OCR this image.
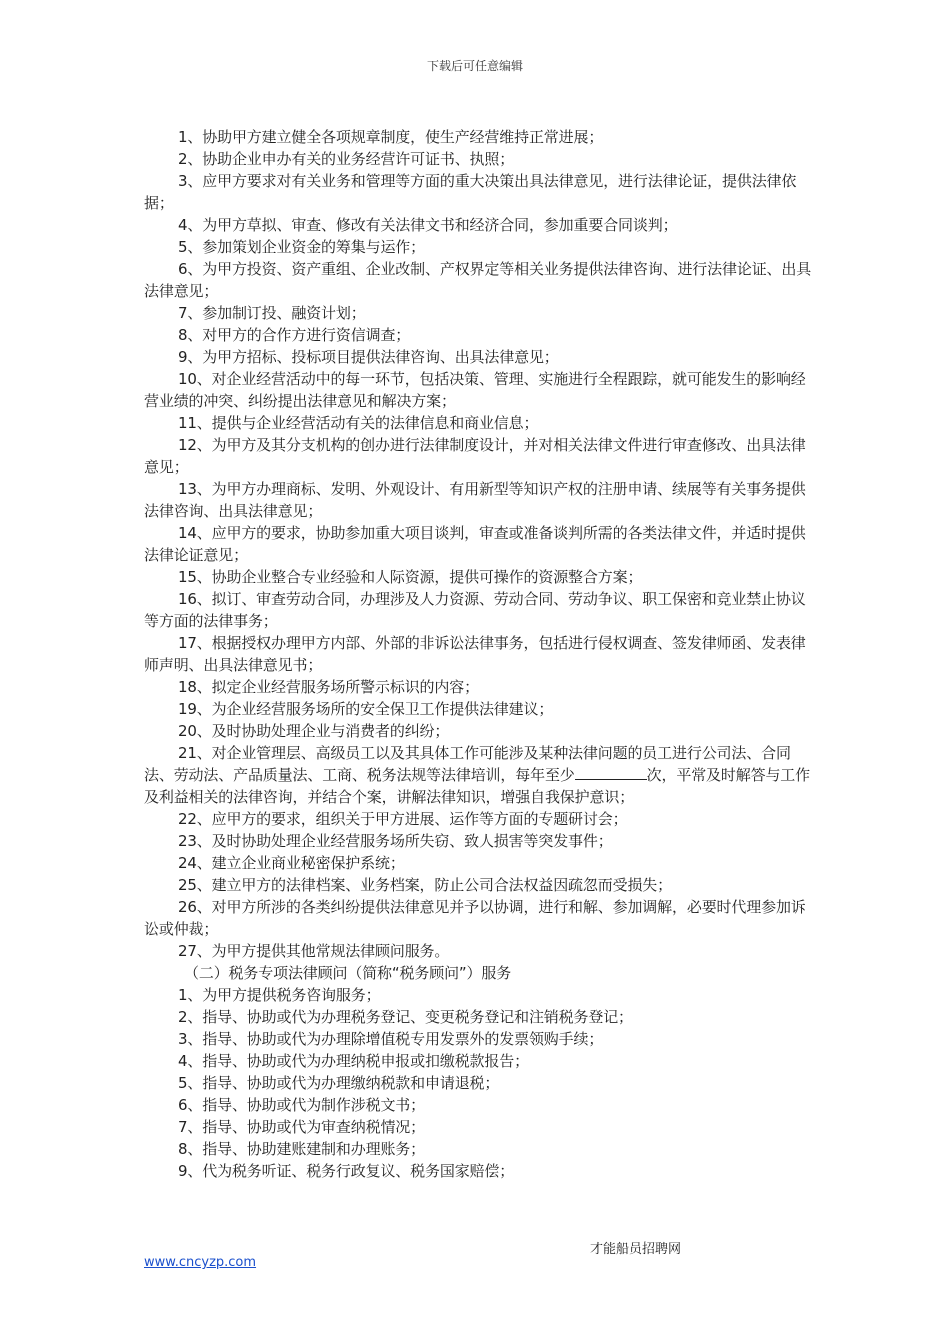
下载后可任意编辑

1、协助甲方建立健全各项规章制度，使生产经营维持正常进展；

2、协助企业申办有关的业务经营许可证书、执照；

3、应甲方要求对有关业务和管理等方面的重大决策出具法律意见，进行法律论证，提供法律依据；

4、为甲方草拟、审查、修改有关法律文书和经济合同，参加重要合同谈判；

5、参加策划企业资金的筹集与运作；

6、为甲方投资、资产重组、企业改制、产权界定等相关业务提供法律咨询、进行法律论证、出具法律意见；

7、参加制订投、融资计划；

8、对甲方的合作方进行资信调查；

9、为甲方招标、投标项目提供法律咨询、出具法律意见；

10、对企业经营活动中的每一环节，包括决策、管理、实施进行全程跟踪，就可能发生的影响经营业绩的冲突、纠纷提出法律意见和解决方案；

11、提供与企业经营活动有关的法律信息和商业信息；

12、为甲方及其分支机构的创办进行法律制度设计，并对相关法律文件进行审查修改、出具法律意见；

13、为甲方办理商标、发明、外观设计、有用新型等知识产权的注册申请、续展等有关事务提供法律咨询、出具法律意见；

14、应甲方的要求，协助参加重大项目谈判，审查或准备谈判所需的各类法律文件，并适时提供法律论证意见；

15、协助企业整合专业经验和人际资源，提供可操作的资源整合方案；

16、拟订、审查劳动合同，办理涉及人力资源、劳动合同、劳动争议、职工保密和竞业禁止协议等方面的法律事务；

17、根据授权办理甲方内部、外部的非诉讼法律事务，包括进行侵权调查、签发律师函、发表律师声明、出具法律意见书；

18、拟定企业经营服务场所警示标识的内容；

19、为企业经营服务场所的安全保卫工作提供法律建议；

20、及时协助处理企业与消费者的纠纷；

21、对企业管理层、高级员工以及其具体工作可能涉及某种法律问题的员工进行公司法、合同法、劳动法、产品质量法、工商、税务法规等法律培训，每年至少	次，平常及时解答与工作及利益相关的法律咨询，并结合个案，讲解法律知识，增强自我保护意识；

22、应甲方的要求，组织关于甲方进展、运作等方面的专题研讨会；

23、及时协助处理企业经营服务场所失窃、致人损害等突发事件；

24、建立企业商业秘密保护系统；

25、建立甲方的法律档案、业务档案，防止公司合法权益因疏忽而受损失；

26、对甲方所涉的各类纠纷提供法律意见并予以协调，进行和解、参加调解，必要时代理参加诉讼或仲裁；

27、为甲方提供其他常规法律顾问服务。

（二）税务专项法律顾问（简称“税务顾问”）服务

1、为甲方提供税务咨询服务；

2、指导、协助或代为办理税务登记、变更税务登记和注销税务登记；

3、指导、协助或代为办理除增值税专用发票外的发票领购手续；

4、指导、协助或代为办理纳税申报或扣缴税款报告；

5、指导、协助或代为办理缴纳税款和申请退税；

6、指导、协助或代为制作涉税文书；

7、指导、协助或代为审查纳税情况；

8、指导、协助建账建制和办理账务；

9、代为税务听证、税务行政复议、税务国家赔偿；

才能船员招聘网
www.cncyzp.com
